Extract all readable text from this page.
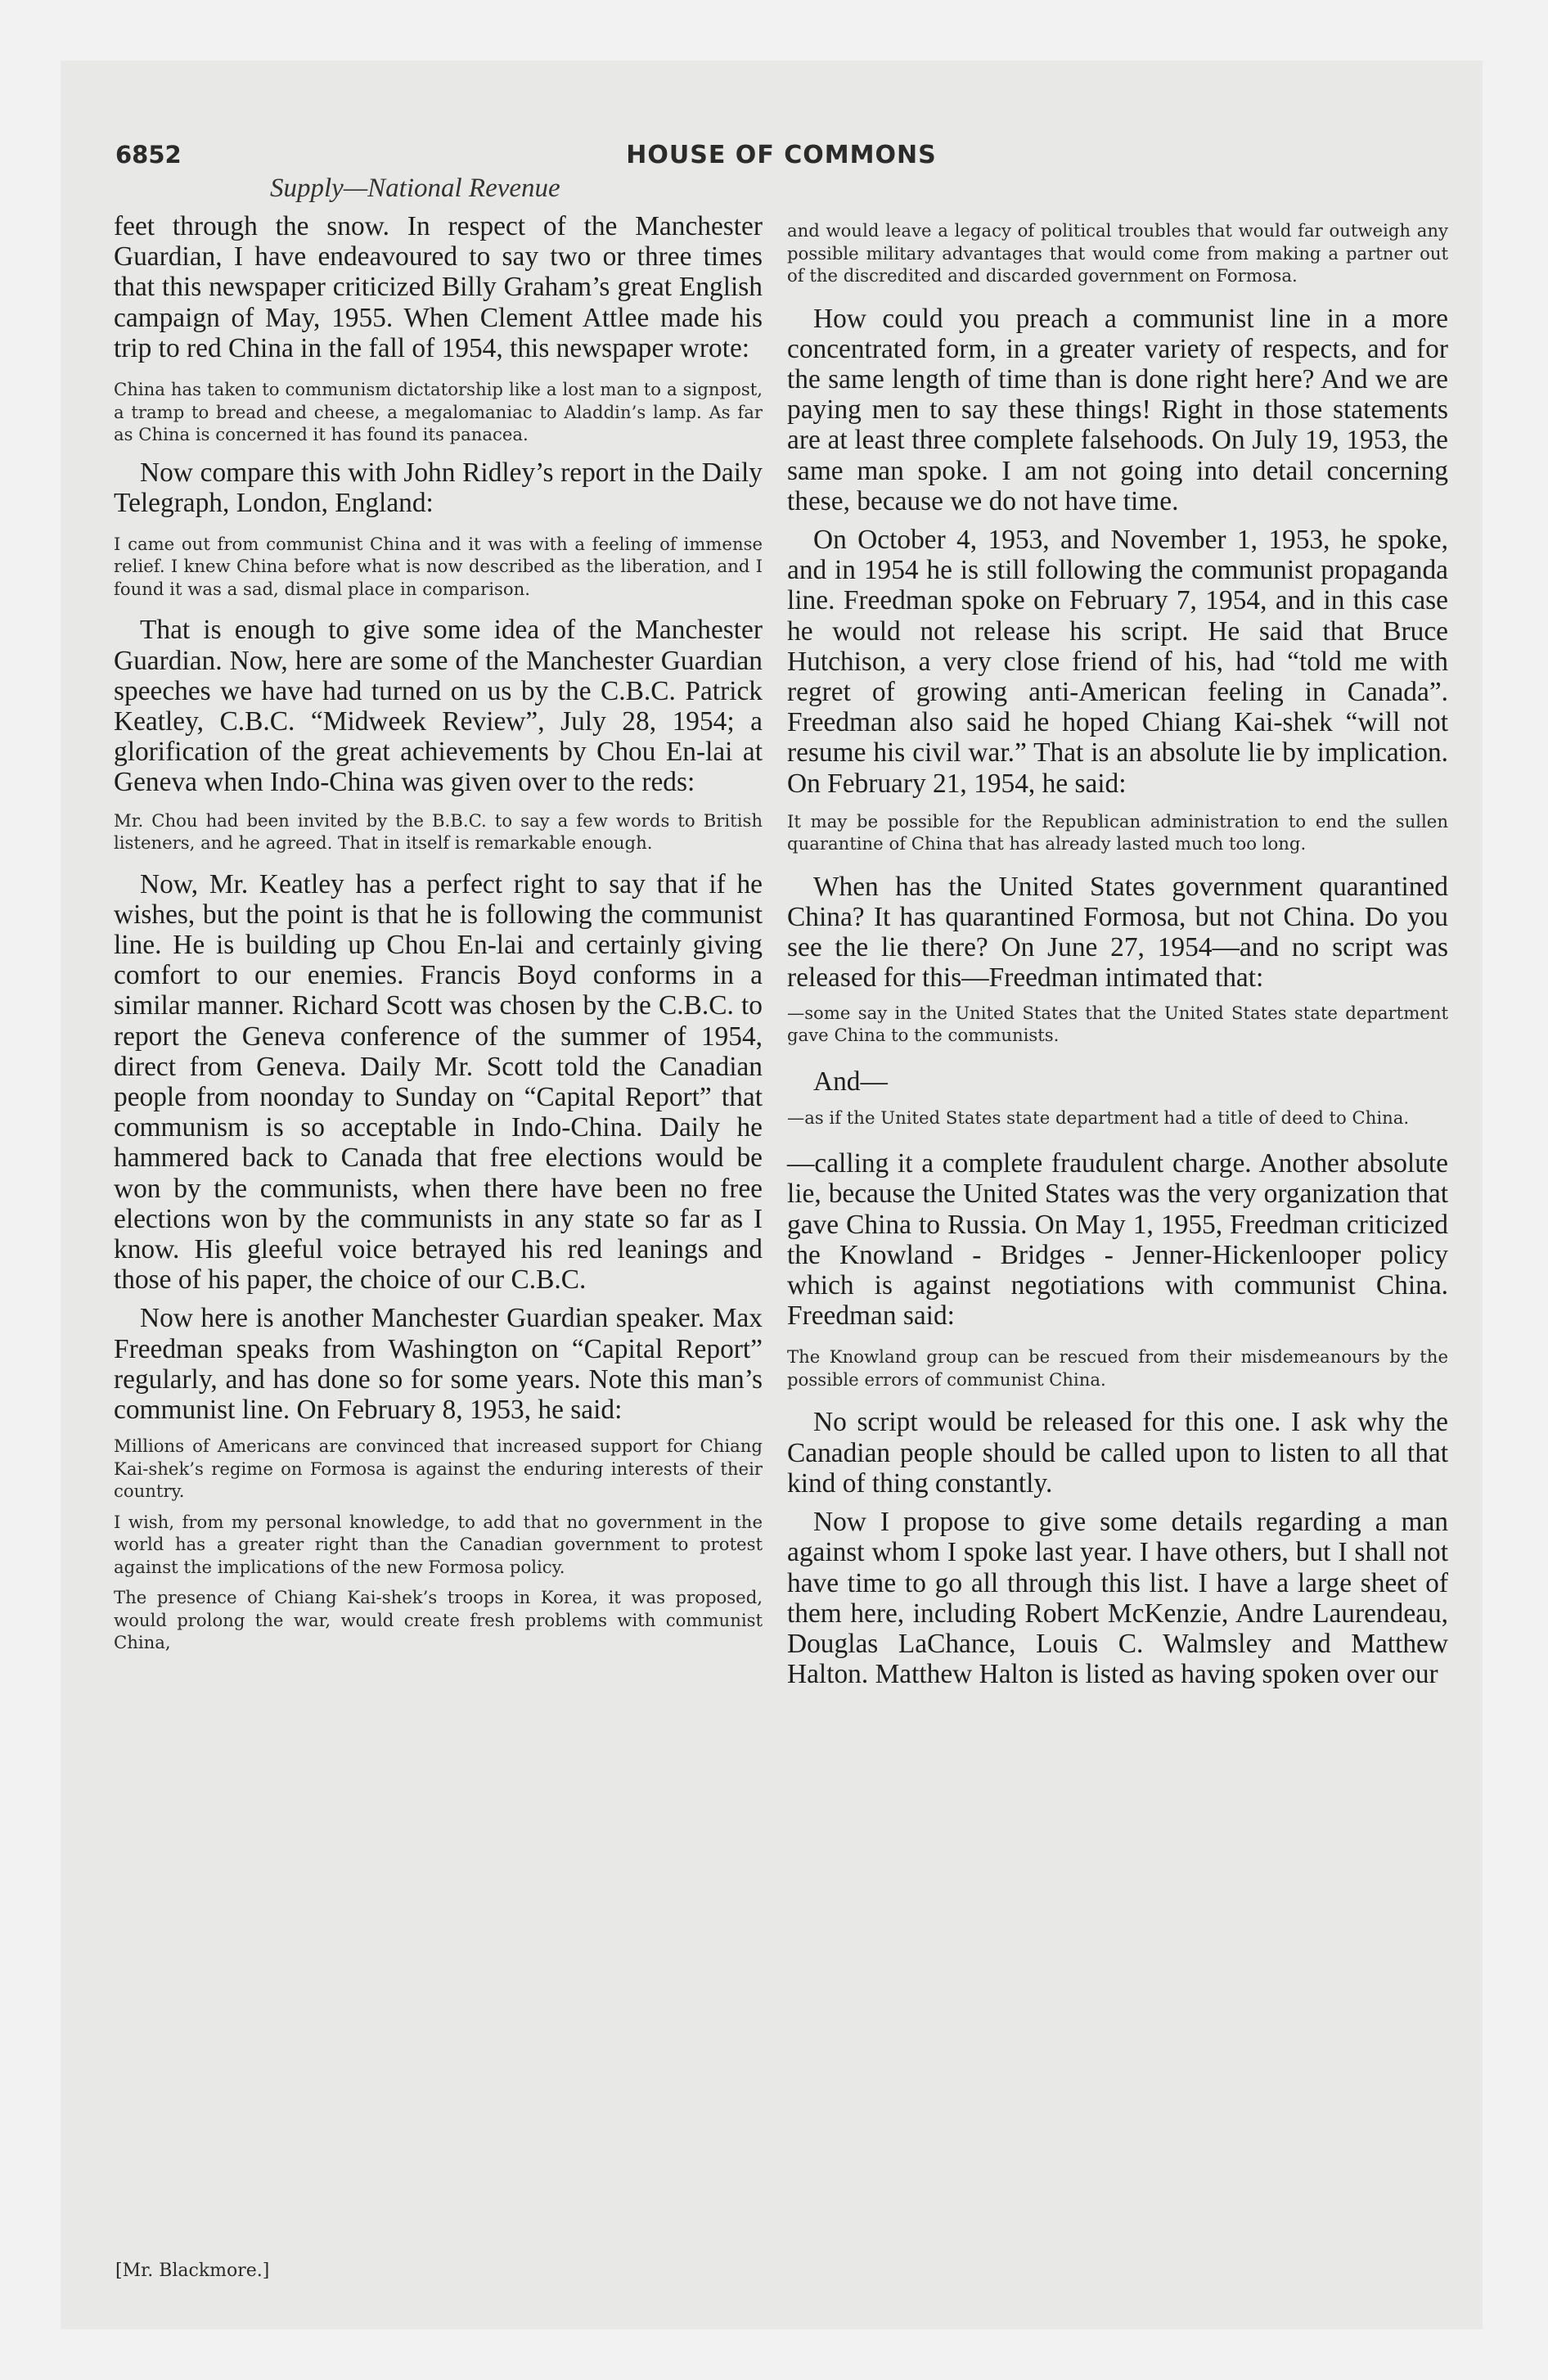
6852	HOUSE OF COMMONS
Supply—National Revenue

feet through the snow. In respect of the Manchester Guardian, I have endeavoured to say two or three times that this newspaper criticized Billy Graham’s great English campaign of May, 1955. When Clement Attlee made his trip to red China in the fall of 1954, this newspaper wrote:

China has taken to communism dictatorship like a lost man to a signpost, a tramp to bread and cheese, a megalomaniac to Aladdin’s lamp. As far as China is concerned it has found its panacea.

Now compare this with John Ridley’s report in the Daily Telegraph, London, England:

I came out from communist China and it was with a feeling of immense relief. I knew China before what is now described as the liberation, and I found it was a sad, dismal place in comparison.

That is enough to give some idea of the Manchester Guardian. Now, here are some of the Manchester Guardian speeches we have had turned on us by the C.B.C. Patrick Keatley, C.B.C. “Midweek Review”, July 28, 1954; a glorification of the great achievements by Chou En-lai at Geneva when Indo-China was given over to the reds:

Mr. Chou had been invited by the B.B.C. to say a few words to British listeners, and he agreed. That in itself is remarkable enough.

Now, Mr. Keatley has a perfect right to say that if he wishes, but the point is that he is following the communist line. He is building up Chou En-lai and certainly giving comfort to our enemies. Francis Boyd conforms in a similar manner. Richard Scott was chosen by the C.B.C. to report the Geneva conference of the summer of 1954, direct from Geneva. Daily Mr. Scott told the Canadian people from noonday to Sunday on “Capital Report” that communism is so acceptable in Indo-China. Daily he hammered back to Canada that free elections would be won by the communists, when there have been no free elections won by the communists in any state so far as I know. His gleeful voice betrayed his red leanings and those of his paper, the choice of our C.B.C.

Now here is another Manchester Guardian speaker. Max Freedman speaks from Washington on “Capital Report” regularly, and has done so for some years. Note this man’s communist line. On February 8, 1953, he said:

Millions of Americans are convinced that increased support for Chiang Kai-shek’s regime on Formosa is against the enduring interests of their country.

I wish, from my personal knowledge, to add that no government in the world has a greater right than the Canadian government to protest against the implications of the new Formosa policy.

The presence of Chiang Kai-shek’s troops in Korea, it was proposed, would prolong the war, would create fresh problems with communist China,

and would leave a legacy of political troubles that would far outweigh any possible military advantages that would come from making a partner out of the discredited and discarded government on Formosa.

How could you preach a communist line in a more concentrated form, in a greater variety of respects, and for the same length of time than is done right here? And we are paying men to say these things! Right in those statements are at least three complete falsehoods. On July 19, 1953, the same man spoke. I am not going into detail concerning these, because we do not have time.

On October 4, 1953, and November 1, 1953, he spoke, and in 1954 he is still following the communist propaganda line. Freedman spoke on February 7, 1954, and in this case he would not release his script. He said that Bruce Hutchison, a very close friend of his, had “told me with regret of growing anti-American feeling in Canada”. Freedman also said he hoped Chiang Kai-shek “will not resume his civil war.” That is an absolute lie by implication. On February 21, 1954, he said:

It may be possible for the Republican administration to end the sullen quarantine of China that has already lasted much too long.

When has the United States government quarantined China? It has quarantined Formosa, but not China. Do you see the lie there? On June 27, 1954—and no script was released for this—Freedman intimated that:

—some say in the United States that the United States state department gave China to the communists.

And—

—as if the United States state department had a title of deed to China.

—calling it a complete fraudulent charge. Another absolute lie, because the United States was the very organization that gave China to Russia. On May 1, 1955, Freedman criticized the Knowland - Bridges - Jenner-Hickenlooper policy which is against negotiations with communist China. Freedman said:

The Knowland group can be rescued from their misdemeanours by the possible errors of communist China.

No script would be released for this one. I ask why the Canadian people should be called upon to listen to all that kind of thing constantly.

Now I propose to give some details regarding a man against whom I spoke last year. I have others, but I shall not have time to go all through this list. I have a large sheet of them here, including Robert McKenzie, Andre Laurendeau, Douglas LaChance, Louis C. Walmsley and Matthew Halton. Matthew Halton is listed as having spoken over our

[Mr. Blackmore.]
